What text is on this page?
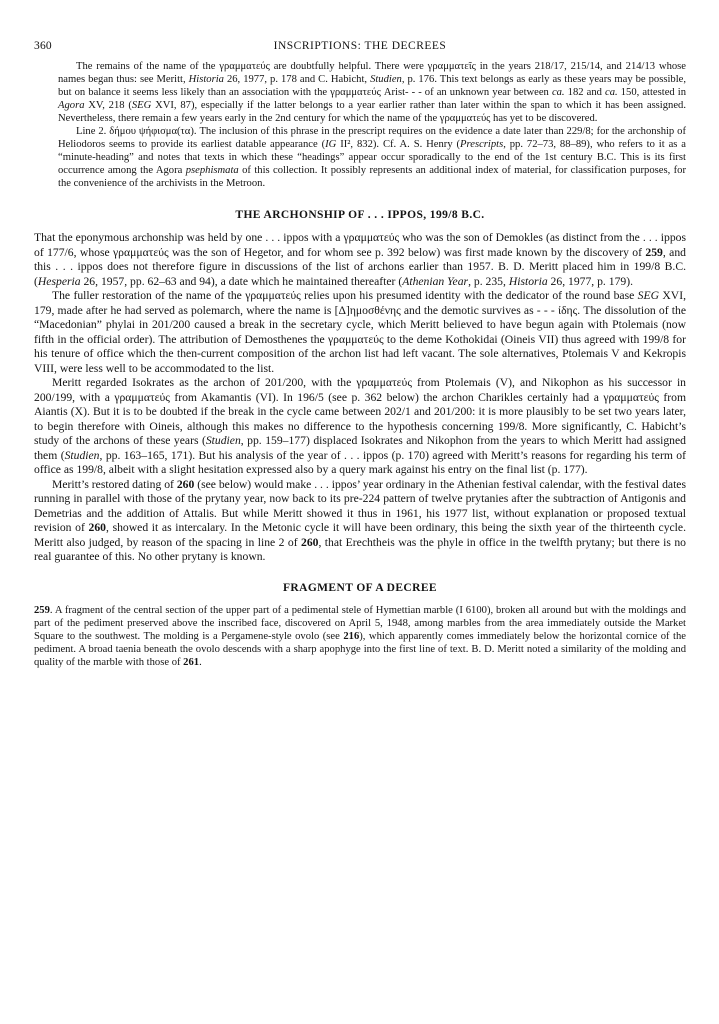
360	INSCRIPTIONS: THE DECREES

The remains of the name of the γραμματεύς are doubtfully helpful. There were γραμματεῖς in the years 218/17, 215/14, and 214/13 whose names began thus: see Meritt, Historia 26, 1977, p. 178 and C. Habicht, Studien, p. 176. This text belongs as early as these years may be possible, but on balance it seems less likely than an association with the γραμματεύς Arist- - - of an unknown year between ca. 182 and ca. 150, attested in Agora XV, 218 (SEG XVI, 87), especially if the latter belongs to a year earlier rather than later within the span to which it has been assigned. Nevertheless, there remain a few years early in the 2nd century for which the name of the γραμματεύς has yet to be discovered.

Line 2. δήμου ψήφισμα(τα). The inclusion of this phrase in the prescript requires on the evidence a date later than 229/8; for the archonship of Heliodoros seems to provide its earliest datable appearance (IG II², 832). Cf. A. S. Henry (Prescripts, pp. 72–73, 88–89), who refers to it as a “minute-heading” and notes that texts in which these “headings” appear occur sporadically to the end of the 1st century B.C. This is its first occurrence among the Agora psephismata of this collection. It possibly represents an additional index of material, for classification purposes, for the convenience of the archivists in the Metroon.

THE ARCHONSHIP OF . . . IPPOS, 199/8 B.C.

That the eponymous archonship was held by one . . . ippos with a γραμματεύς who was the son of Demokles (as distinct from the . . . ippos of 177/6, whose γραμματεύς was the son of Hegetor, and for whom see p. 392 below) was first made known by the discovery of 259, and this . . . ippos does not therefore figure in discussions of the list of archons earlier than 1957. B. D. Meritt placed him in 199/8 B.C. (Hesperia 26, 1957, pp. 62–63 and 94), a date which he maintained thereafter (Athenian Year, p. 235, Historia 26, 1977, p. 179).

The fuller restoration of the name of the γραμματεύς relies upon his presumed identity with the dedicator of the round base SEG XVI, 179, made after he had served as polemarch, where the name is [Δ]ημοσθένης and the demotic survives as - - - ίδης. The dissolution of the “Macedonian” phylai in 201/200 caused a break in the secretary cycle, which Meritt believed to have begun again with Ptolemais (now fifth in the official order). The attribution of Demosthenes the γραμματεύς to the deme Kothokidai (Oineis VII) thus agreed with 199/8 for his tenure of office which the then-current composition of the archon list had left vacant. The sole alternatives, Ptolemais V and Kekropis VIII, were less well to be accommodated to the list.

Meritt regarded Isokrates as the archon of 201/200, with the γραμματεύς from Ptolemais (V), and Nikophon as his successor in 200/199, with a γραμματεύς from Akamantis (VI). In 196/5 (see p. 362 below) the archon Charikles certainly had a γραμματεύς from Aiantis (X). But it is to be doubted if the break in the cycle came between 202/1 and 201/200: it is more plausibly to be set two years later, to begin therefore with Oineis, although this makes no difference to the hypothesis concerning 199/8. More significantly, C. Habicht’s study of the archons of these years (Studien, pp. 159–177) displaced Isokrates and Nikophon from the years to which Meritt had assigned them (Studien, pp. 163–165, 171). But his analysis of the year of . . . ippos (p. 170) agreed with Meritt’s reasons for regarding his term of office as 199/8, albeit with a slight hesitation expressed also by a query mark against his entry on the final list (p. 177).

Meritt’s restored dating of 260 (see below) would make . . . ippos’ year ordinary in the Athenian festival calendar, with the festival dates running in parallel with those of the prytany year, now back to its pre-224 pattern of twelve prytanies after the subtraction of Antigonis and Demetrias and the addition of Attalis. But while Meritt showed it thus in 1961, his 1977 list, without explanation or proposed textual revision of 260, showed it as intercalary. In the Metonic cycle it will have been ordinary, this being the sixth year of the thirteenth cycle. Meritt also judged, by reason of the spacing in line 2 of 260, that Erechtheis was the phyle in office in the twelfth prytany; but there is no real guarantee of this. No other prytany is known.

FRAGMENT OF A DECREE

259. A fragment of the central section of the upper part of a pedimental stele of Hymettian marble (I 6100), broken all around but with the moldings and part of the pediment preserved above the inscribed face, discovered on April 5, 1948, among marbles from the area immediately outside the Market Square to the southwest. The molding is a Pergamene-style ovolo (see 216), which apparently comes immediately below the horizontal cornice of the pediment. A broad taenia beneath the ovolo descends with a sharp apophyge into the first line of text. B. D. Meritt noted a similarity of the molding and quality of the marble with those of 261.
